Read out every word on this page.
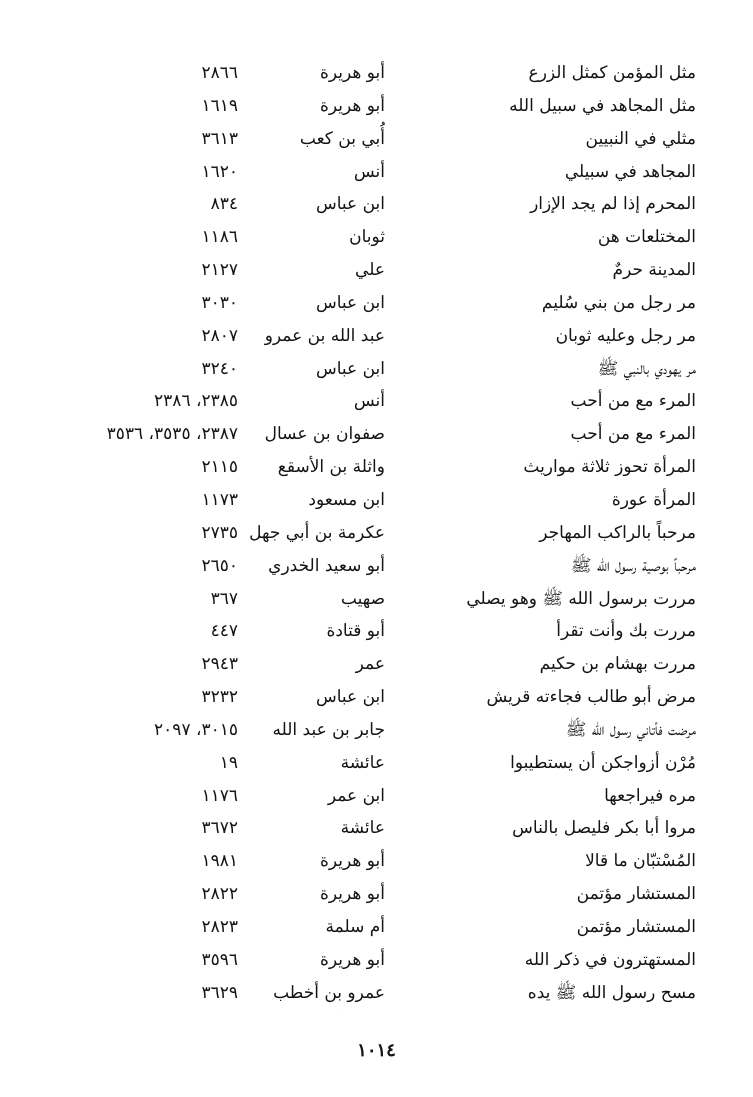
مثل المؤمن كمثل الزرع
أبو هريرة
٢٨٦٦
مثل المجاهد في سبيل الله
أبو هريرة
١٦١٩
مثلي في النبيين
أُبي بن كعب
٣٦١٣
المجاهد في سبيلي
أنس
١٦٢٠
المحرم إذا لم يجد الإزار
ابن عباس
٨٣٤
المختلعات هن
ثوبان
١١٨٦
المدينة حرمٌ
علي
٢١٢٧
مر رجل من بني سُليم
ابن عباس
٣٠٣٠
مر رجل وعليه ثوبان
عبد الله بن عمرو
٢٨٠٧
مر يهودي بالنبي ﷺ
ابن عباس
٣٢٤٠
المرء مع من أحب
أنس
٢٣٨٥، ٢٣٨٦
المرء مع من أحب
صفوان بن عسال
٢٣٨٧، ٣٥٣٥، ٣٥٣٦
المرأة تحوز ثلاثة مواريث
واثلة بن الأسقع
٢١١٥
المرأة عورة
ابن مسعود
١١٧٣
مرحباً بالراكب المهاجر
عكرمة بن أبي جهل
٢٧٣٥
مرحباً بوصية رسول الله ﷺ
أبو سعيد الخدري
٢٦٥٠
مررت برسول الله ﷺ وهو يصلي
صهيب
٣٦٧
مررت بك وأنت تقرأ
أبو قتادة
٤٤٧
مررت بهشام بن حكيم
عمر
٢٩٤٣
مرض أبو طالب فجاءته قريش
ابن عباس
٣٢٣٢
مرضت فأتاني رسول الله ﷺ
جابر بن عبد الله
٣٠١٥، ٢٠٩٧
مُرْن أزواجكن أن يستطيبوا
عائشة
١٩
مره فيراجعها
ابن عمر
١١٧٦
مروا أبا بكر فليصل بالناس
عائشة
٣٦٧٢
المُسْتبّان ما قالا
أبو هريرة
١٩٨١
المستشار مؤتمن
أبو هريرة
٢٨٢٢
المستشار مؤتمن
أم سلمة
٢٨٢٣
المستهترون في ذكر الله
أبو هريرة
٣٥٩٦
مسح رسول الله ﷺ يده
عمرو بن أخطب
٣٦٢٩
·
١٠١٤
